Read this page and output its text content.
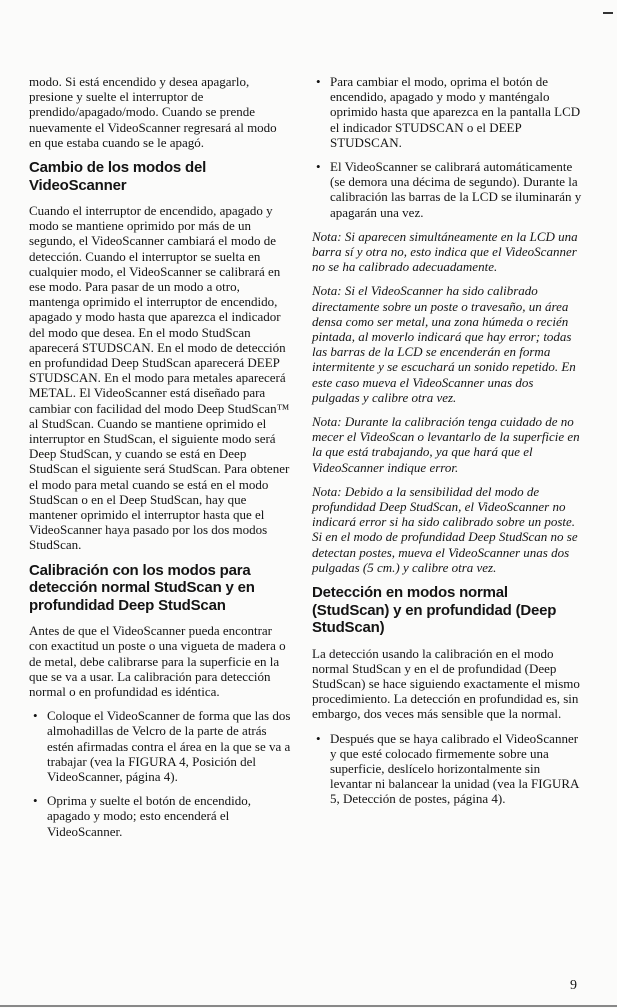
modo. Si está encendido y desea apagarlo, presione y suelte el interruptor de prendido/apagado/modo. Cuando se prende nuevamente el VideoScanner regresará al modo en que estaba cuando se le apagó.

Cambio de los modos del VideoScanner

Cuando el interruptor de encendido, apagado y modo se mantiene oprimido por más de un segundo, el VideoScanner cambiará el modo de detección. Cuando el interruptor se suelta en cualquier modo, el VideoScanner se calibrará en ese modo. Para pasar de un modo a otro, mantenga oprimido el interruptor de encendido, apagado y modo hasta que aparezca el indicador del modo que desea. En el modo StudScan aparecerá STUDSCAN. En el modo de detección en profundidad Deep StudScan aparecerá DEEP STUDSCAN. En el modo para metales aparecerá METAL. El VideoScanner está diseñado para cambiar con facilidad del modo Deep StudScan™ al StudScan. Cuando se mantiene oprimido el interruptor en StudScan, el siguiente modo será Deep StudScan, y cuando se está en Deep StudScan el siguiente será StudScan. Para obtener el modo para metal cuando se está en el modo StudScan o en el Deep StudScan, hay que mantener oprimido el interruptor hasta que el VideoScanner haya pasado por los dos modos StudScan.

Calibración con los modos para detección normal StudScan y en profundidad Deep StudScan

Antes de que el VideoScanner pueda encontrar con exactitud un poste o una vigueta de madera o de metal, debe calibrarse para la superficie en la que se va a usar. La calibración para detección normal o en profundidad es idéntica.

• Coloque el VideoScanner de forma que las dos almohadillas de Velcro de la parte de atrás estén afirmadas contra el área en la que se va a trabajar (vea la FIGURA 4, Posición del VideoScanner, página 4).
• Oprima y suelte el botón de encendido, apagado y modo; esto encenderá el VideoScanner.
• Para cambiar el modo, oprima el botón de encendido, apagado y modo y manténgalo oprimido hasta que aparezca en la pantalla LCD el indicador STUDSCAN o el DEEP STUDSCAN.
• El VideoScanner se calibrará automáticamente (se demora una décima de segundo). Durante la calibración las barras de la LCD se iluminarán y apagarán una vez.

Nota: Si aparecen simultáneamente en la LCD una barra sí y otra no, esto indica que el VideoScanner no se ha calibrado adecuadamente.

Nota: Si el VideoScanner ha sido calibrado directamente sobre un poste o travesaño, un área densa como ser metal, una zona húmeda o recién pintada, al moverlo indicará que hay error; todas las barras de la LCD se encenderán en forma intermitente y se escuchará un sonido repetido. En este caso mueva el VideoScanner unas dos pulgadas y calibre otra vez.

Nota: Durante la calibración tenga cuidado de no mecer el VideoScan o levantarlo de la superficie en la que está trabajando, ya que hará que el VideoScanner indique error.

Nota: Debido a la sensibilidad del modo de profundidad Deep StudScan, el VideoScanner no indicará error si ha sido calibrado sobre un poste. Si en el modo de profundidad Deep StudScan no se detectan postes, mueva el VideoScanner unas dos pulgadas (5 cm.) y calibre otra vez.

Detección en modos normal (StudScan) y en profundidad (Deep StudScan)

La detección usando la calibración en el modo normal StudScan y en el de profundidad (Deep StudScan) se hace siguiendo exactamente el mismo procedimiento. La detección en profundidad es, sin embargo, dos veces más sensible que la normal.

• Después que se haya calibrado el VideoScanner y que esté colocado firmemente sobre una superficie, deslícelo horizontalmente sin levantar ni balancear la unidad (vea la FIGURA 5, Detección de postes, página 4).
9
